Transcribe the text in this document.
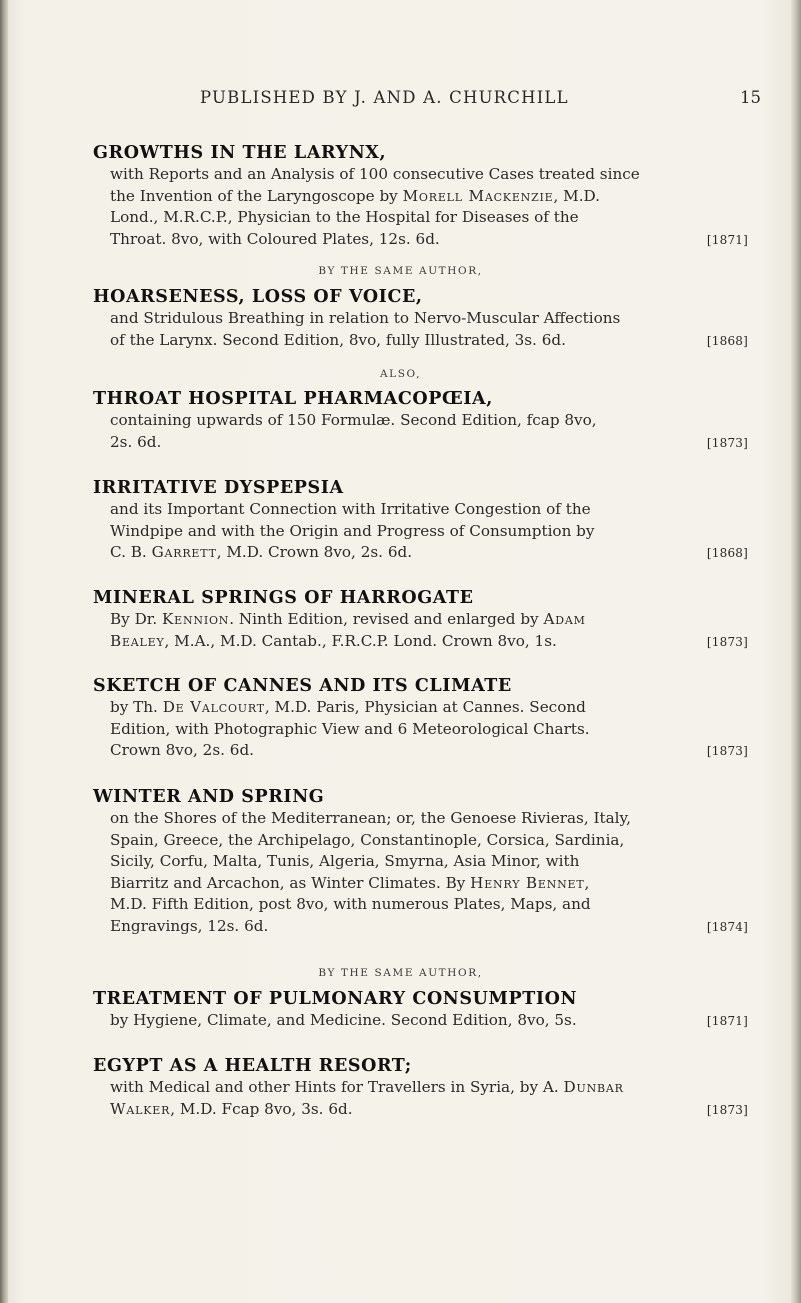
PUBLISHED BY J. AND A. CHURCHILL	15
GROWTHS IN THE LARYNX,
with Reports and an Analysis of 100 consecutive Cases treated since
the Invention of the Laryngoscope by Morell Mackenzie, M.D.
Lond., M.R.C.P., Physician to the Hospital for Diseases of the
Throat. 8vo, with Coloured Plates, 12s. 6d.	[1871]
BY THE SAME AUTHOR,
HOARSENESS, LOSS OF VOICE,
and Stridulous Breathing in relation to Nervo-Muscular Affections
of the Larynx. Second Edition, 8vo, fully Illustrated, 3s. 6d.	[1868]
ALSO,
THROAT HOSPITAL PHARMACOPŒIA,
containing upwards of 150 Formulæ. Second Edition, fcap 8vo,
2s. 6d.	[1873]
IRRITATIVE DYSPEPSIA
and its Important Connection with Irritative Congestion of the
Windpipe and with the Origin and Progress of Consumption by
C. B. Garrett, M.D. Crown 8vo, 2s. 6d.	[1868]
MINERAL SPRINGS OF HARROGATE
By Dr. Kennion. Ninth Edition, revised and enlarged by Adam
Bealey, M.A., M.D. Cantab., F.R.C.P. Lond. Crown 8vo, 1s.	[1873]
SKETCH OF CANNES AND ITS CLIMATE
by Th. De Valcourt, M.D. Paris, Physician at Cannes. Second
Edition, with Photographic View and 6 Meteorological Charts.
Crown 8vo, 2s. 6d.	[1873]
WINTER AND SPRING
on the Shores of the Mediterranean; or, the Genoese Rivieras, Italy,
Spain, Greece, the Archipelago, Constantinople, Corsica, Sardinia,
Sicily, Corfu, Malta, Tunis, Algeria, Smyrna, Asia Minor, with
Biarritz and Arcachon, as Winter Climates. By Henry Bennet,
M.D. Fifth Edition, post 8vo, with numerous Plates, Maps, and
Engravings, 12s. 6d.	[1874]
BY THE SAME AUTHOR,
TREATMENT OF PULMONARY CONSUMPTION
by Hygiene, Climate, and Medicine. Second Edition, 8vo, 5s.	[1871]
EGYPT AS A HEALTH RESORT;
with Medical and other Hints for Travellers in Syria, by A. Dunbar
Walker, M.D. Fcap 8vo, 3s. 6d.	[1873]
